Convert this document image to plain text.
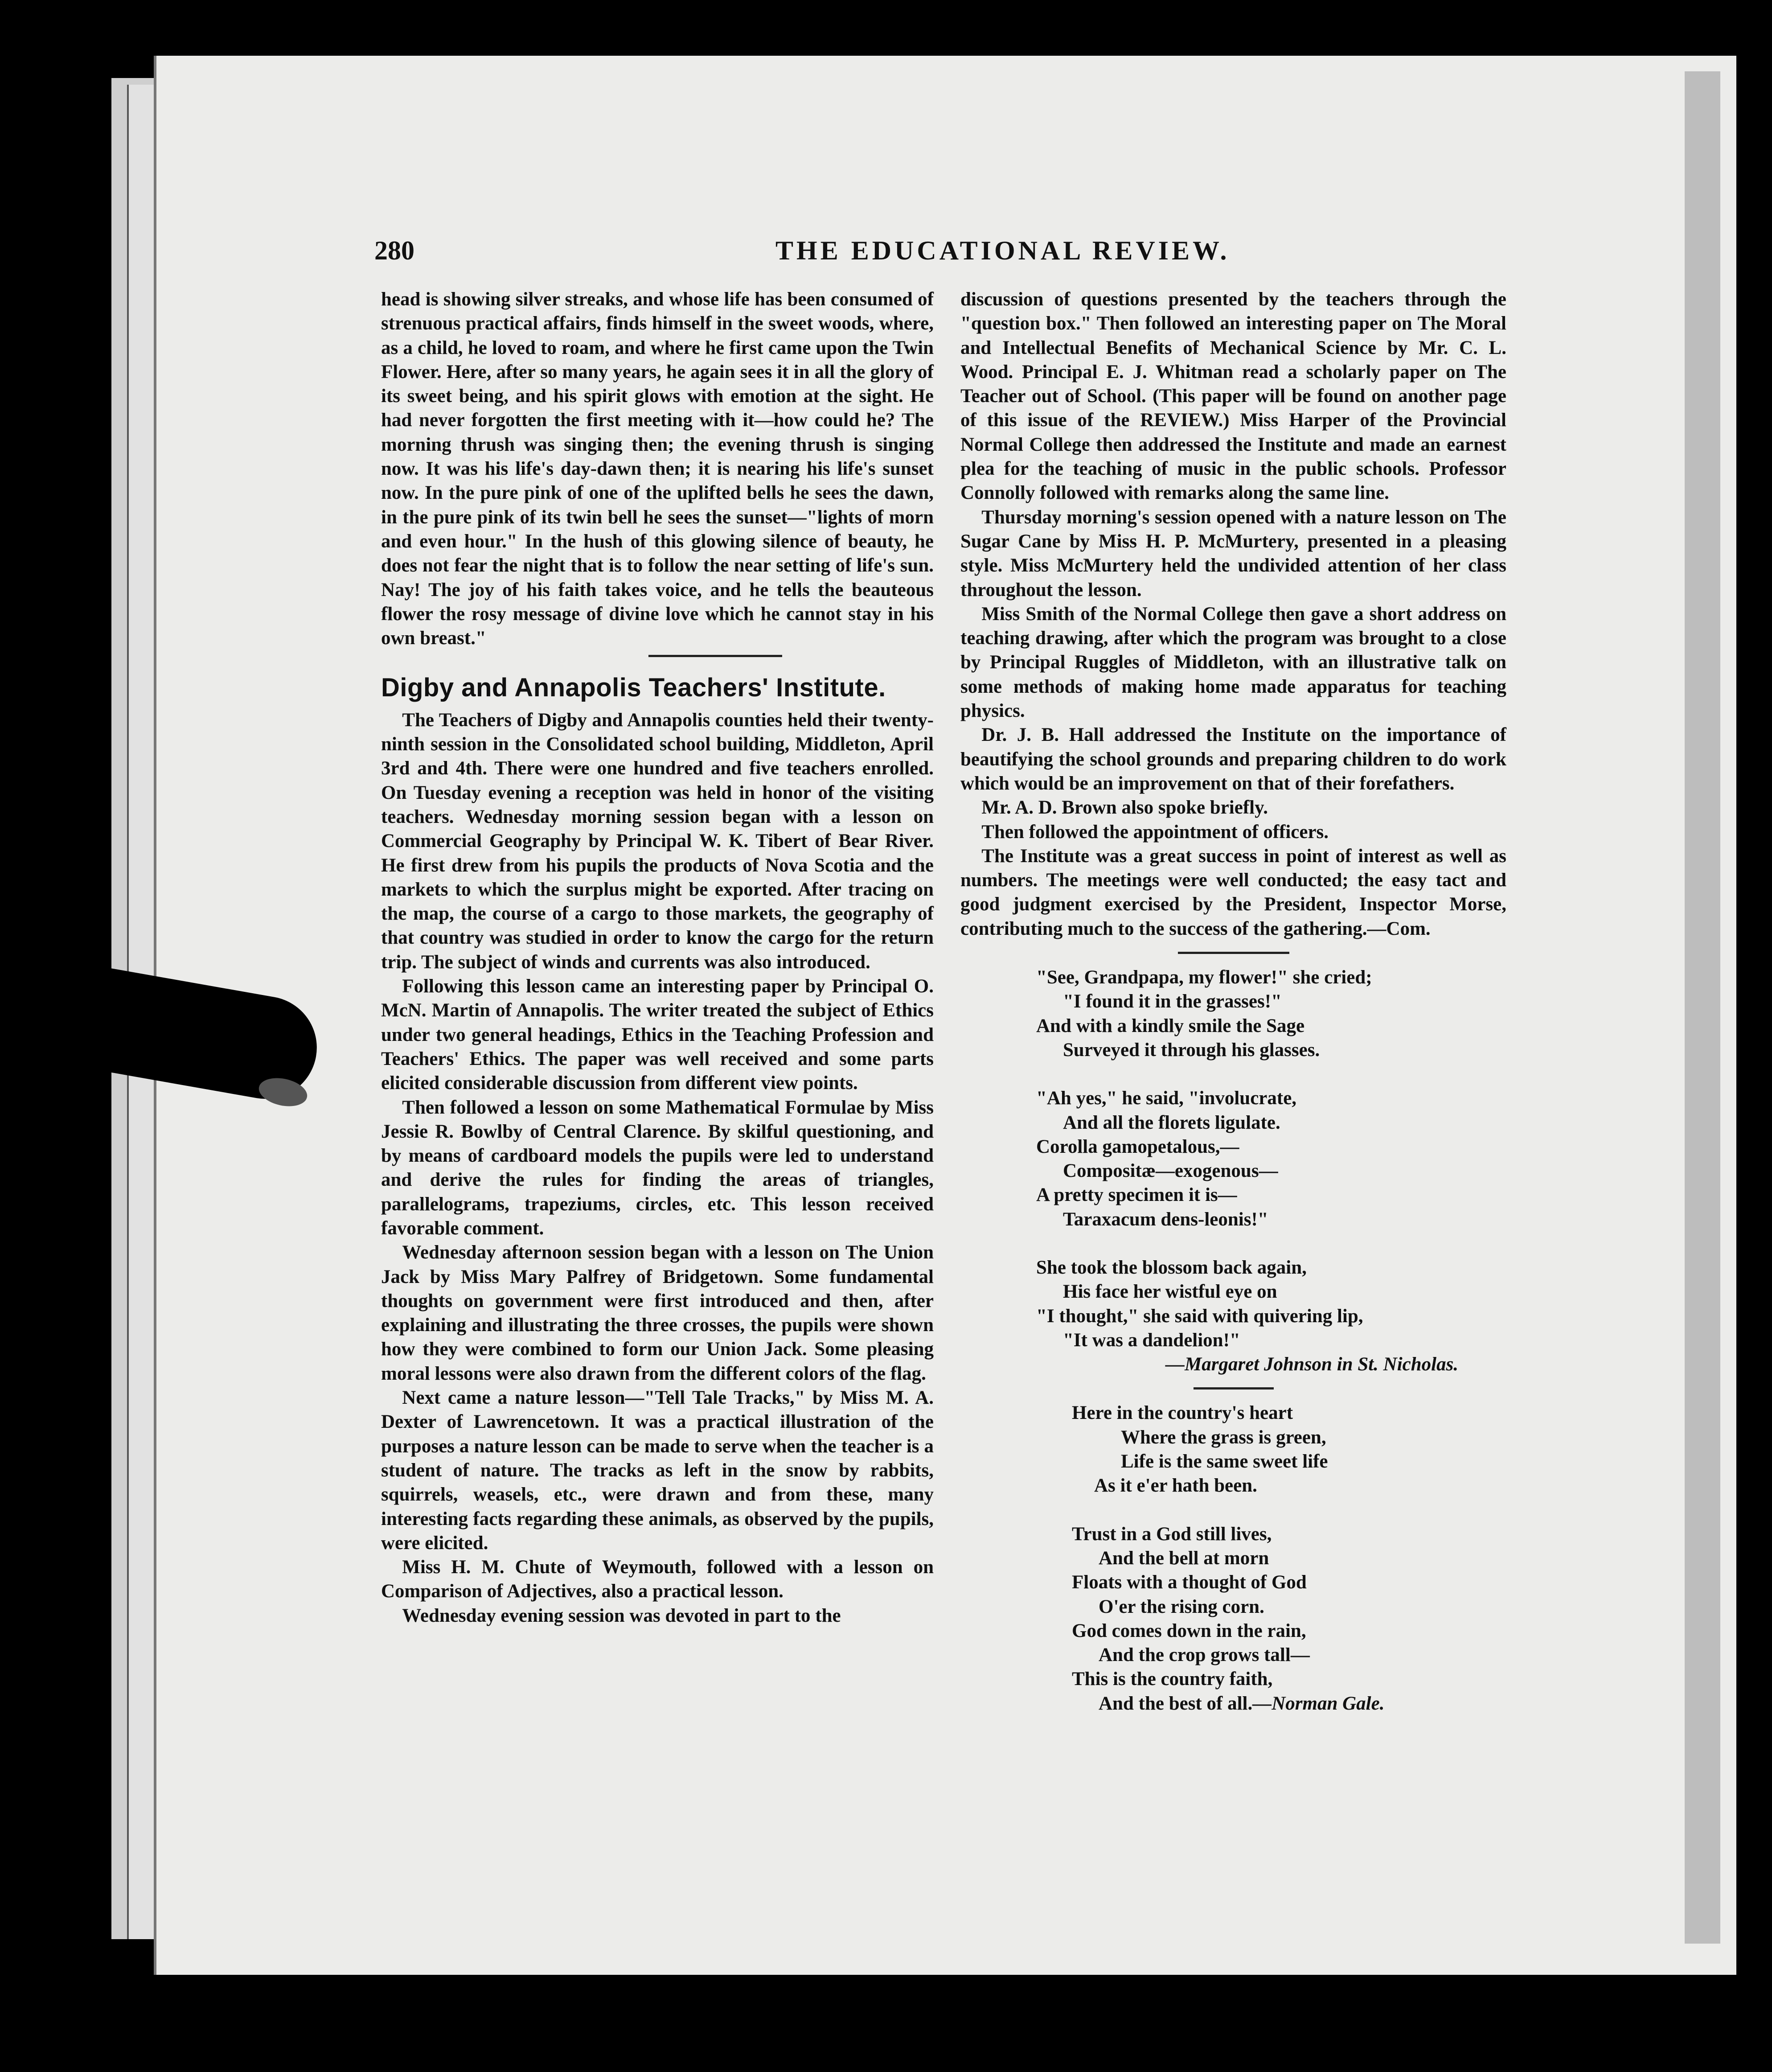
280	THE EDUCATIONAL REVIEW.

head is showing silver streaks, and whose life has been consumed of strenuous practical affairs, finds himself in the sweet woods, where, as a child, he loved to roam, and where he first came upon the Twin Flower. Here, after so many years, he again sees it in all the glory of its sweet being, and his spirit glows with emotion at the sight. He had never forgotten the first meeting with it—how could he? The morning thrush was singing then; the evening thrush is singing now. It was his life's day-dawn then; it is nearing his life's sunset now. In the pure pink of one of the uplifted bells he sees the dawn, in the pure pink of its twin bell he sees the sunset—"lights of morn and even hour." In the hush of this glowing silence of beauty, he does not fear the night that is to follow the near setting of life's sun. Nay! The joy of his faith takes voice, and he tells the beauteous flower the rosy message of divine love which he cannot stay in his own breast."

Digby and Annapolis Teachers' Institute.

The Teachers of Digby and Annapolis counties held their twenty-ninth session in the Consolidated school building, Middleton, April 3rd and 4th. There were one hundred and five teachers enrolled. On Tuesday evening a reception was held in honor of the visiting teachers. Wednesday morning session began with a lesson on Commercial Geography by Principal W. K. Tibert of Bear River. He first drew from his pupils the products of Nova Scotia and the markets to which the surplus might be exported. After tracing on the map, the course of a cargo to those markets, the geography of that country was studied in order to know the cargo for the return trip. The subject of winds and currents was also introduced.

Following this lesson came an interesting paper by Principal O. McN. Martin of Annapolis. The writer treated the subject of Ethics under two general headings, Ethics in the Teaching Profession and Teachers' Ethics. The paper was well received and some parts elicited considerable discussion from different view points.

Then followed a lesson on some Mathematical Formulae by Miss Jessie R. Bowlby of Central Clarence. By skilful questioning, and by means of cardboard models the pupils were led to understand and derive the rules for finding the areas of triangles, parallelograms, trapeziums, circles, etc. This lesson received favorable comment.

Wednesday afternoon session began with a lesson on The Union Jack by Miss Mary Palfrey of Bridgetown. Some fundamental thoughts on government were first introduced and then, after explaining and illustrating the three crosses, the pupils were shown how they were combined to form our Union Jack. Some pleasing moral lessons were also drawn from the different colors of the flag.

Next came a nature lesson—"Tell Tale Tracks," by Miss M. A. Dexter of Lawrencetown. It was a practical illustration of the purposes a nature lesson can be made to serve when the teacher is a student of nature. The tracks as left in the snow by rabbits, squirrels, weasels, etc., were drawn and from these, many interesting facts regarding these animals, as observed by the pupils, were elicited.

Miss H. M. Chute of Weymouth, followed with a lesson on Comparison of Adjectives, also a practical lesson.

Wednesday evening session was devoted in part to the

discussion of questions presented by the teachers through the "question box." Then followed an interesting paper on The Moral and Intellectual Benefits of Mechanical Science by Mr. C. L. Wood. Principal E. J. Whitman read a scholarly paper on The Teacher out of School. (This paper will be found on another page of this issue of the REVIEW.) Miss Harper of the Provincial Normal College then addressed the Institute and made an earnest plea for the teaching of music in the public schools. Professor Connolly followed with remarks along the same line.

Thursday morning's session opened with a nature lesson on The Sugar Cane by Miss H. P. McMurtery, presented in a pleasing style. Miss McMurtery held the undivided attention of her class throughout the lesson.

Miss Smith of the Normal College then gave a short address on teaching drawing, after which the program was brought to a close by Principal Ruggles of Middleton, with an illustrative talk on some methods of making home made apparatus for teaching physics.

Dr. J. B. Hall addressed the Institute on the importance of beautifying the school grounds and preparing children to do work which would be an improvement on that of their forefathers.

Mr. A. D. Brown also spoke briefly.

Then followed the appointment of officers.

The Institute was a great success in point of interest as well as numbers. The meetings were well conducted; the easy tact and good judgment exercised by the President, Inspector Morse, contributing much to the success of the gathering.—Com.

"See, Grandpapa, my flower!" she cried;
"I found it in the grasses!"
And with a kindly smile the Sage
Surveyed it through his glasses.
"Ah yes," he said, "involucrate,
And all the florets ligulate.
Corolla gamopetalous,—
Compositæ—exogenous—
A pretty specimen it is—
Taraxacum dens-leonis!"
She took the blossom back again,
His face her wistful eye on
"I thought," she said with quivering lip,
"It was a dandelion!"
—Margaret Johnson in St. Nicholas.
Here in the country's heart
Where the grass is green,
Life is the same sweet life
As it e'er hath been.
Trust in a God still lives,
And the bell at morn
Floats with a thought of God
O'er the rising corn.
God comes down in the rain,
And the crop grows tall—
This is the country faith,
And the best of all.—Norman Gale.
